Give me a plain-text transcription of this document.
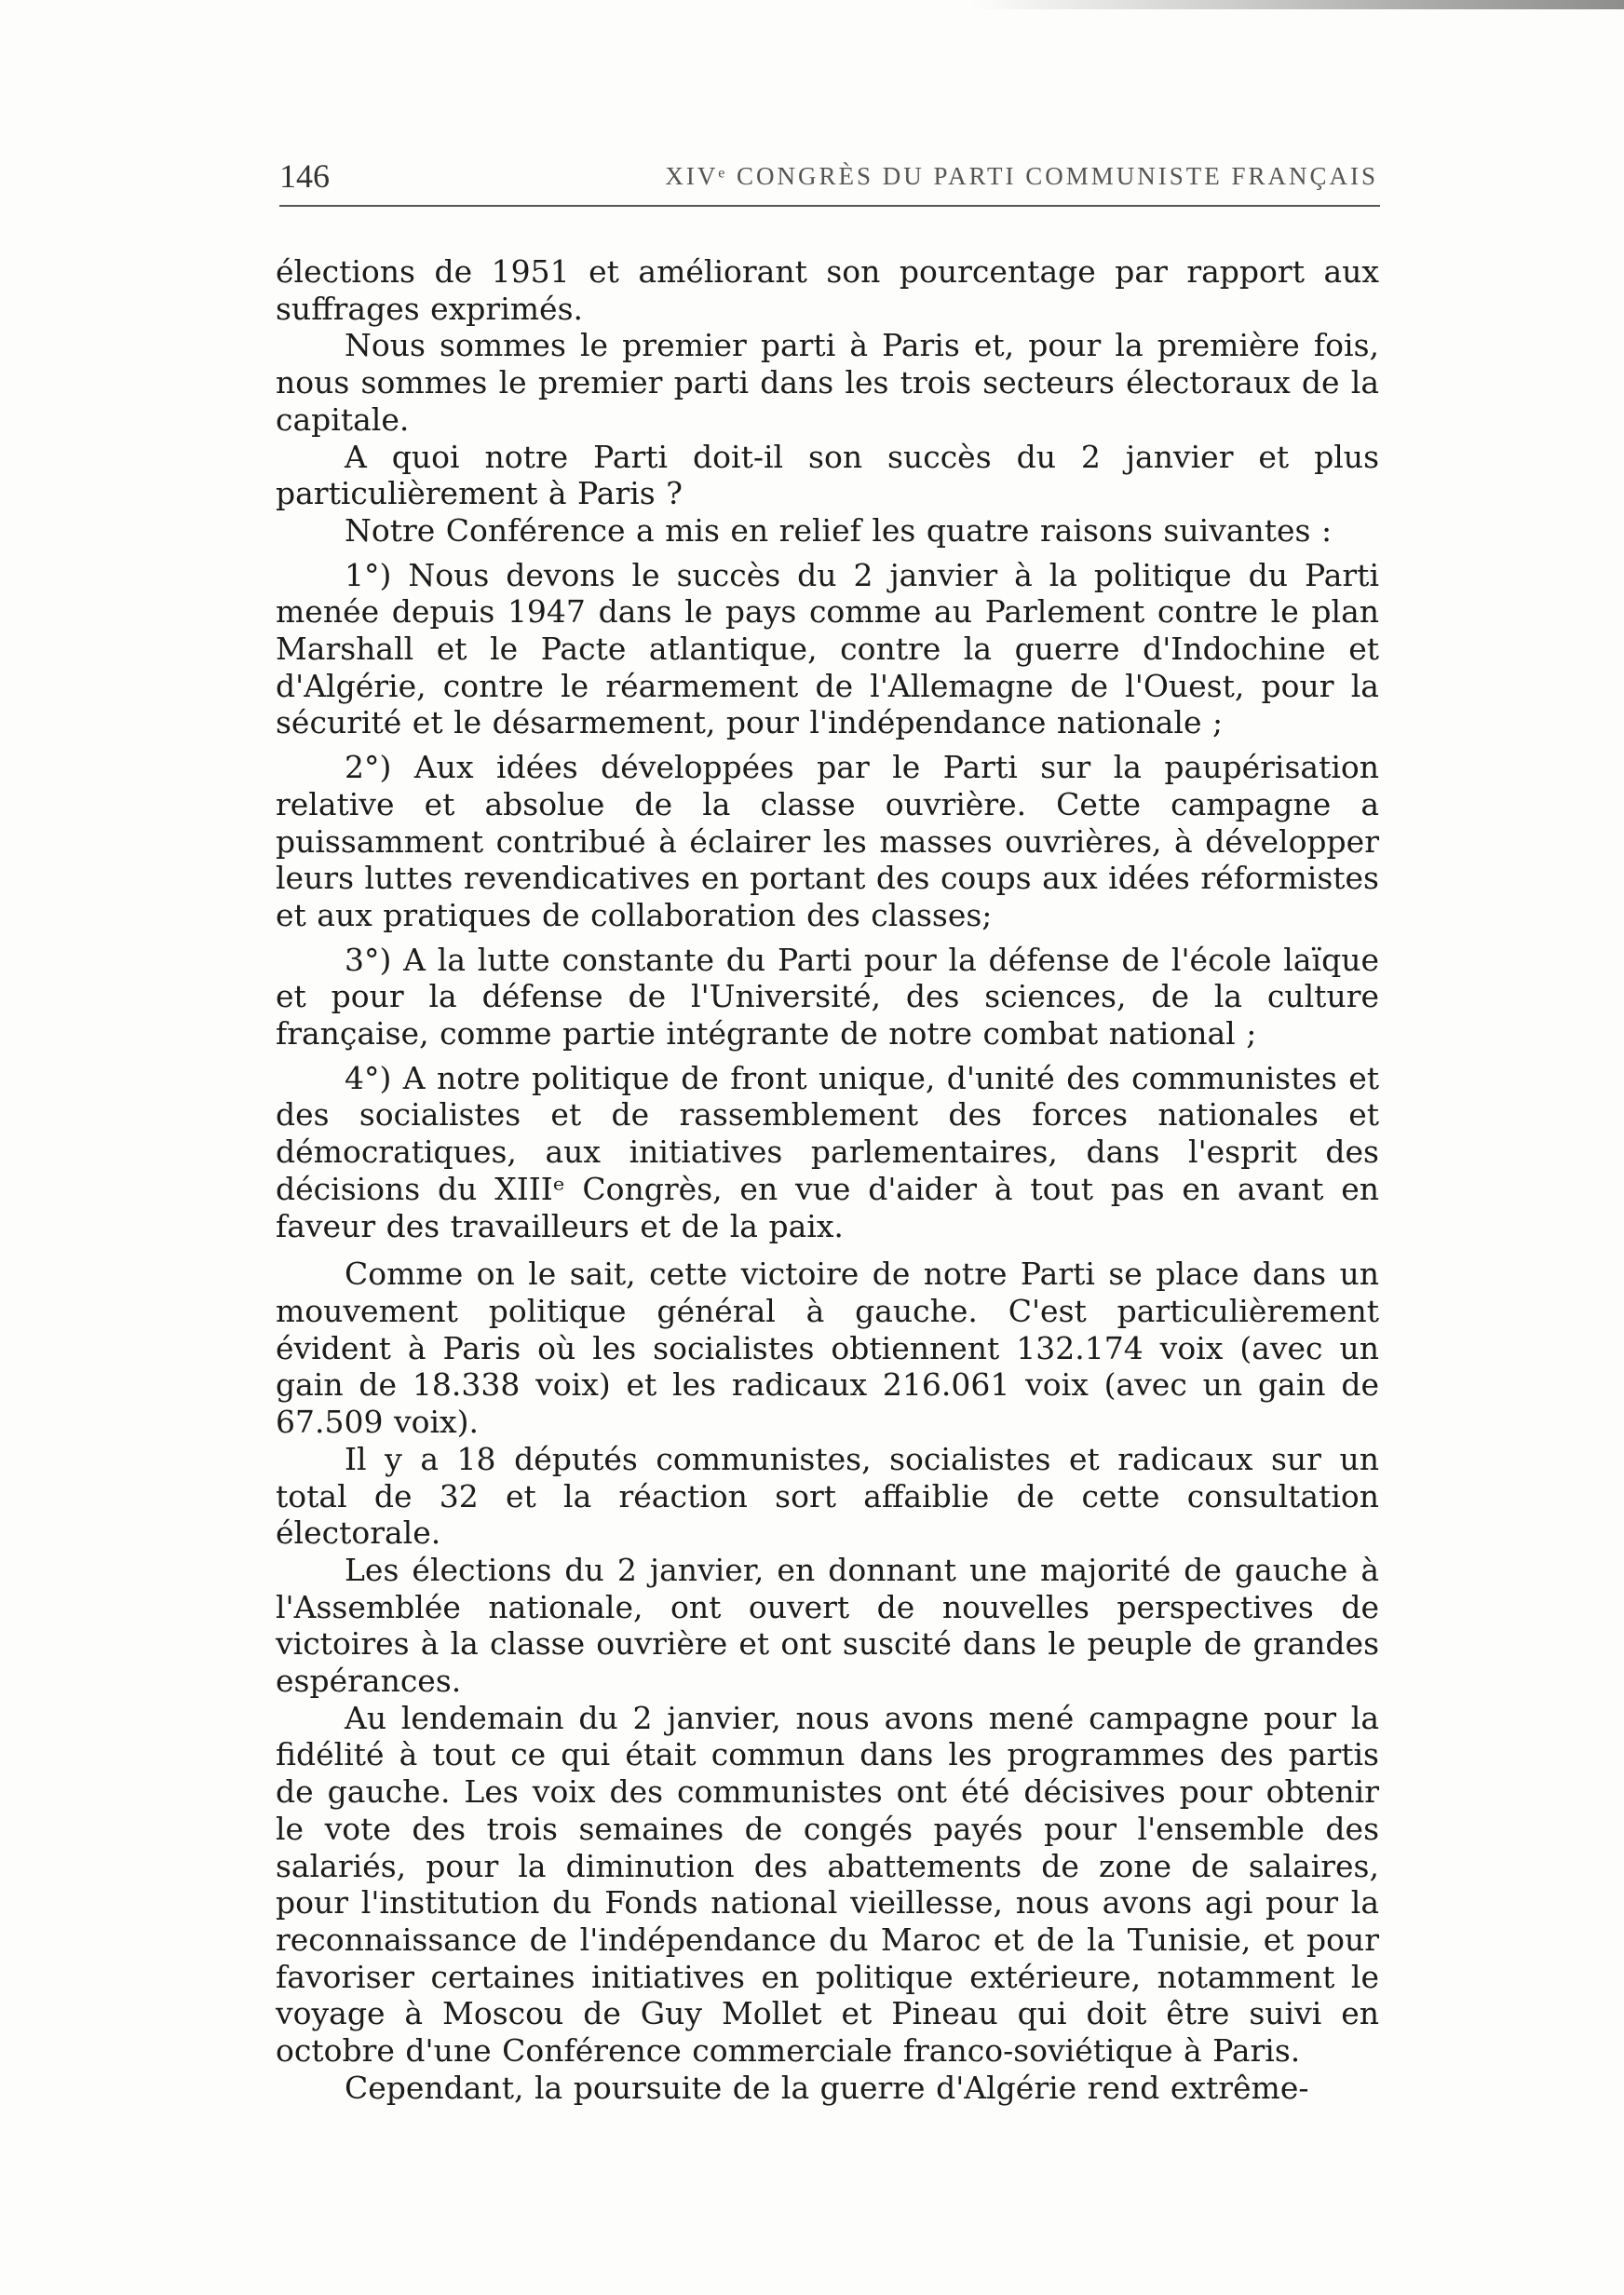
146	XIVᵉ CONGRÈS DU PARTI COMMUNISTE FRANÇAIS

élections de 1951 et améliorant son pourcentage par rapport aux suffrages exprimés.

Nous sommes le premier parti à Paris et, pour la première fois, nous sommes le premier parti dans les trois secteurs électoraux de la capitale.

A quoi notre Parti doit-il son succès du 2 janvier et plus particulièrement à Paris ?

Notre Conférence a mis en relief les quatre raisons suivantes :

1°) Nous devons le succès du 2 janvier à la politique du Parti menée depuis 1947 dans le pays comme au Parlement contre le plan Marshall et le Pacte atlantique, contre la guerre d'Indochine et d'Algérie, contre le réarmement de l'Allemagne de l'Ouest, pour la sécurité et le désarmement, pour l'indépendance nationale ;

2°) Aux idées développées par le Parti sur la paupérisation relative et absolue de la classe ouvrière. Cette campagne a puissamment contribué à éclairer les masses ouvrières, à développer leurs luttes revendicatives en portant des coups aux idées réformistes et aux pratiques de collaboration des classes;

3°) A la lutte constante du Parti pour la défense de l'école laïque et pour la défense de l'Université, des sciences, de la culture française, comme partie intégrante de notre combat national ;

4°) A notre politique de front unique, d'unité des communistes et des socialistes et de rassemblement des forces nationales et démocratiques, aux initiatives parlementaires, dans l'esprit des décisions du XIIIᵉ Congrès, en vue d'aider à tout pas en avant en faveur des travailleurs et de la paix.

Comme on le sait, cette victoire de notre Parti se place dans un mouvement politique général à gauche. C'est particulièrement évident à Paris où les socialistes obtiennent 132.174 voix (avec un gain de 18.338 voix) et les radicaux 216.061 voix (avec un gain de 67.509 voix).

Il y a 18 députés communistes, socialistes et radicaux sur un total de 32 et la réaction sort affaiblie de cette consultation électorale.

Les élections du 2 janvier, en donnant une majorité de gauche à l'Assemblée nationale, ont ouvert de nouvelles perspectives de victoires à la classe ouvrière et ont suscité dans le peuple de grandes espérances.

Au lendemain du 2 janvier, nous avons mené campagne pour la fidélité à tout ce qui était commun dans les programmes des partis de gauche. Les voix des communistes ont été décisives pour obtenir le vote des trois semaines de congés payés pour l'ensemble des salariés, pour la diminution des abattements de zone de salaires, pour l'institution du Fonds national vieillesse, nous avons agi pour la reconnaissance de l'indépendance du Maroc et de la Tunisie, et pour favoriser certaines initiatives en politique extérieure, notamment le voyage à Moscou de Guy Mollet et Pineau qui doit être suivi en octobre d'une Conférence commerciale franco-soviétique à Paris.

Cependant, la poursuite de la guerre d'Algérie rend extrême-
